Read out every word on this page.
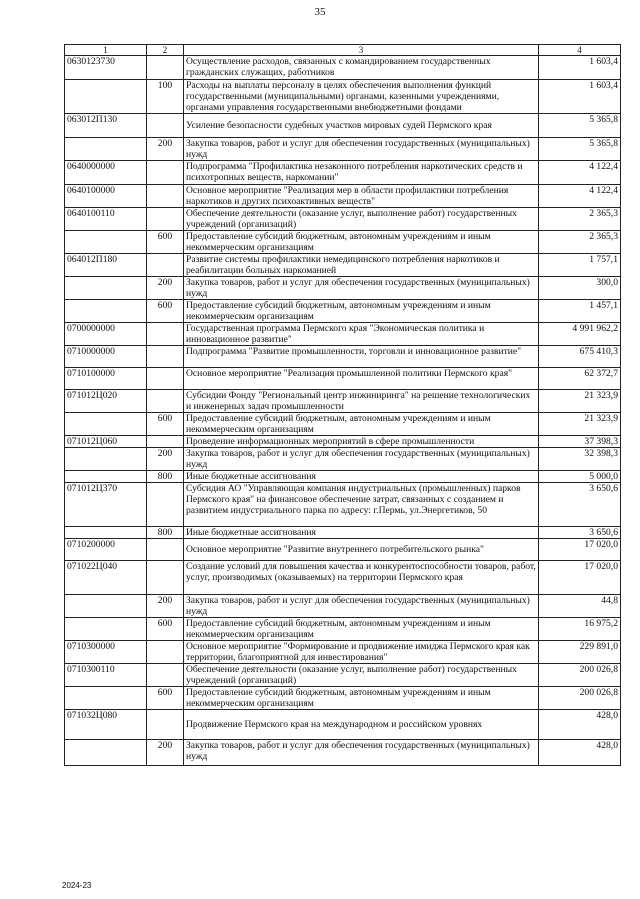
35
1	2	3	4
0630123730		Осуществление расходов, связанных с командированием государственных гражданских служащих, работников	1 603,4
	100	Расходы на выплаты персоналу в целях обеспечения выполнения функций государственными (муниципальными) органами, казенными учреждениями, органами управления государственными внебюджетными фондами	1 603,4
063012П130		Усиление безопасности судебных участков мировых судей Пермского края	5 365,8
	200	Закупка товаров, работ и услуг для обеспечения государственных (муниципальных) нужд	5 365,8
0640000000		Подпрограмма "Профилактика незаконного потребления наркотических средств и психотропных веществ, наркомании"	4 122,4
0640100000		Основное мероприятие "Реализация мер в области профилактики потребления наркотиков и других психоактивных веществ"	4 122,4
0640100110		Обеспечение деятельности (оказание услуг, выполнение работ) государственных учреждений (организаций)	2 365,3
	600	Предоставление субсидий бюджетным, автономным учреждениям и иным некоммерческим организациям	2 365,3
064012П180		Развитие системы профилактики немедицинского потребления наркотиков и реабилитации больных наркоманией	1 757,1
	200	Закупка товаров, работ и услуг для обеспечения государственных (муниципальных) нужд	300,0
	600	Предоставление субсидий бюджетным, автономным учреждениям и иным некоммерческим организациям	1 457,1
0700000000		Государственная программа Пермского края "Экономическая политика и инновационное развитие"	4 991 962,2
0710000000		Подпрограмма "Развитие промышленности, торговли и инновационное развитие"	675 410,3
0710100000		Основное мероприятие "Реализация промышленной политики Пермского края"	62 372,7
071012Ц020		Субсидии Фонду "Региональный центр инжиниринга" на решение технологических и инженерных задач промышленности	21 323,9
	600	Предоставление субсидий бюджетным, автономным учреждениям и иным некоммерческим организациям	21 323,9
071012Ц060		Проведение информационных мероприятий в сфере промышленности	37 398,3
	200	Закупка товаров, работ и услуг для обеспечения государственных (муниципальных) нужд	32 398,3
	800	Иные бюджетные ассигнования	5 000,0
071012Ц370		Субсидия АО "Управляющая компания индустриальных (промышленных) парков Пермского края" на финансовое обеспечение затрат, связанных с созданием и развитием индустриального парка по адресу: г.Пермь, ул.Энергетиков, 50	3 650,6
	800	Иные бюджетные ассигнования	3 650,6
0710200000		Основное мероприятие "Развитие внутреннего потребительского рынка"	17 020,0
071022Ц040		Создание условий для повышения качества и конкурентоспособности товаров, работ, услуг, производимых (оказываемых) на территории Пермского края	17 020,0
	200	Закупка товаров, работ и услуг для обеспечения государственных (муниципальных) нужд	44,8
	600	Предоставление субсидий бюджетным, автономным учреждениям и иным некоммерческим организациям	16 975,2
0710300000		Основное мероприятие "Формирование и продвижение имиджа Пермского края как территории, благоприятной для инвестирования"	229 891,0
0710300110		Обеспечение деятельности (оказание услуг, выполнение работ) государственных учреждений (организаций)	200 026,8
	600	Предоставление субсидий бюджетным, автономным учреждениям и иным некоммерческим организациям	200 026,8
071032Ц080		Продвижение Пермского края на международном и российском уровнях	428,0
	200	Закупка товаров, работ и услуг для обеспечения государственных (муниципальных) нужд	428,0
2024-23
